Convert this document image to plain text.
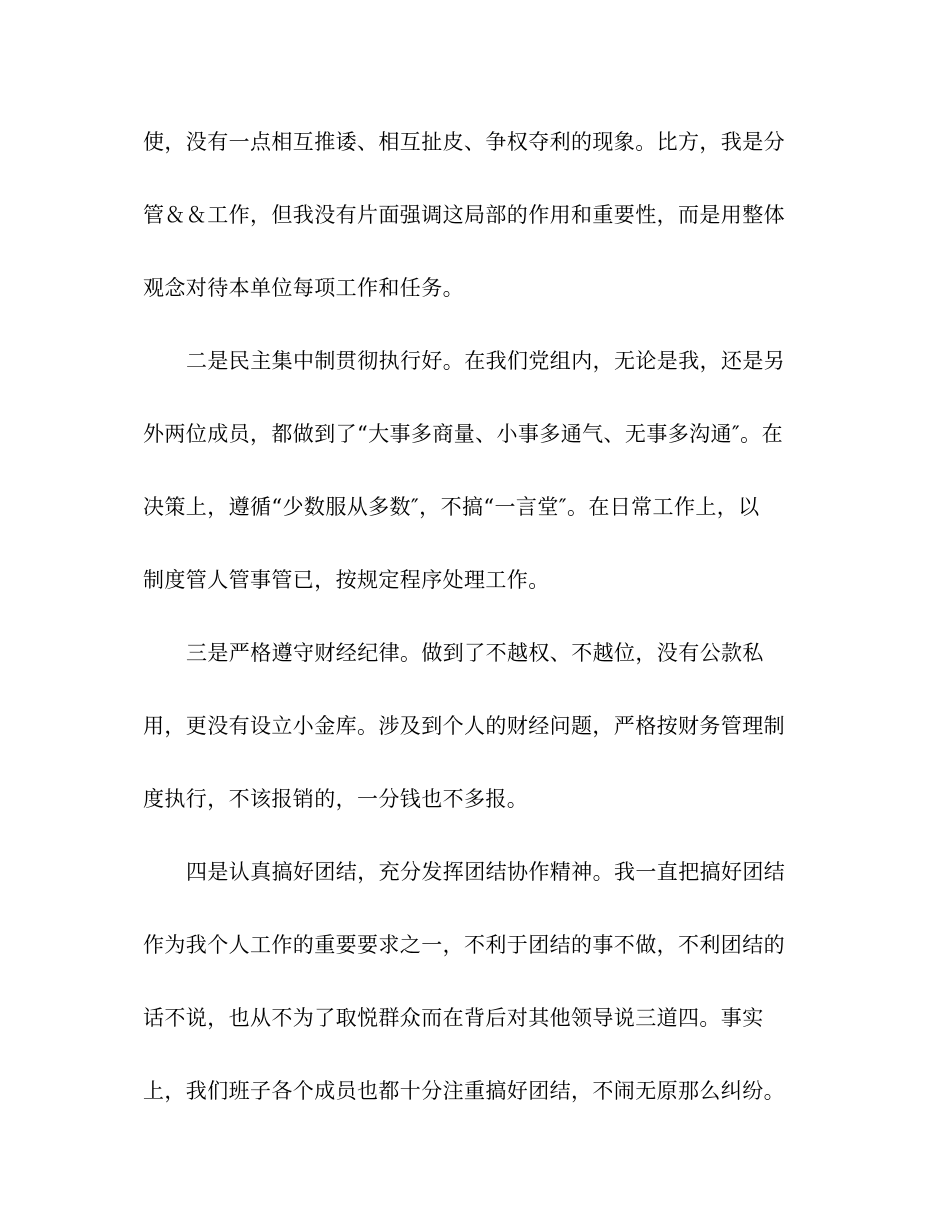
使，没有一点相互推诿、相互扯皮、争权夺利的现象。比方，我是分
管＆＆工作，但我没有片面强调这局部的作用和重要性，而是用整体
观念对待本单位每项工作和任务。
二是民主集中制贯彻执行好。在我们党组内，无论是我，还是另
外两位成员，都做到了“大事多商量、小事多通气、无事多沟通″。在
决策上，遵循“少数服从多数″，不搞“一言堂″。在日常工作上，以
制度管人管事管已，按规定程序处理工作。
三是严格遵守财经纪律。做到了不越权、不越位，没有公款私
用，更没有设立小金库。涉及到个人的财经问题，严格按财务管理制
度执行，不该报销的，一分钱也不多报。
四是认真搞好团结，充分发挥团结协作精神。我一直把搞好团结
作为我个人工作的重要要求之一，不利于团结的事不做，不利团结的
话不说，也从不为了取悦群众而在背后对其他领导说三道四。事实
上，我们班子各个成员也都十分注重搞好团结，不闹无原那么纠纷。
